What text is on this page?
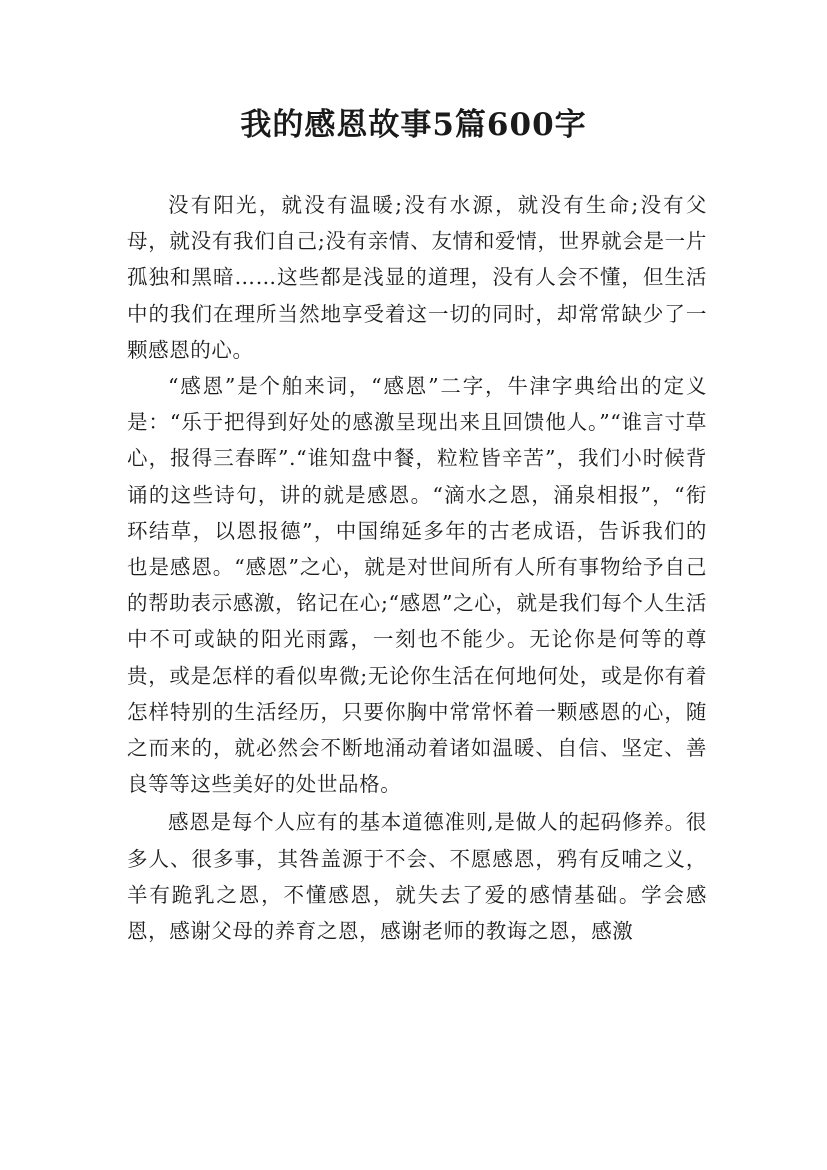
我的感恩故事5篇600字

没有阳光，就没有温暖;没有水源，就没有生命;没有父母，就没有我们自己;没有亲情、友情和爱情，世界就会是一片孤独和黑暗……这些都是浅显的道理，没有人会不懂，但生活中的我们在理所当然地享受着这一切的同时，却常常缺少了一颗感恩的心。

“感恩”是个舶来词，“感恩”二字，牛津字典给出的定义是：“乐于把得到好处的感激呈现出来且回馈他人。”“谁言寸草心，报得三春晖”.“谁知盘中餐，粒粒皆辛苦”，我们小时候背诵的这些诗句，讲的就是感恩。“滴水之恩，涌泉相报”，“衔环结草，以恩报德”，中国绵延多年的古老成语，告诉我们的也是感恩。“感恩”之心，就是对世间所有人所有事物给予自己的帮助表示感激，铭记在心;“感恩”之心，就是我们每个人生活中不可或缺的阳光雨露，一刻也不能少。无论你是何等的尊贵，或是怎样的看似卑微;无论你生活在何地何处，或是你有着怎样特别的生活经历，只要你胸中常常怀着一颗感恩的心，随之而来的，就必然会不断地涌动着诸如温暖、自信、坚定、善良等等这些美好的处世品格。

感恩是每个人应有的基本道德准则,是做人的起码修养。很多人、很多事，其咎盖源于不会、不愿感恩，鸦有反哺之义，羊有跪乳之恩，不懂感恩，就失去了爱的感情基础。学会感恩，感谢父母的养育之恩，感谢老师的教诲之恩，感激
